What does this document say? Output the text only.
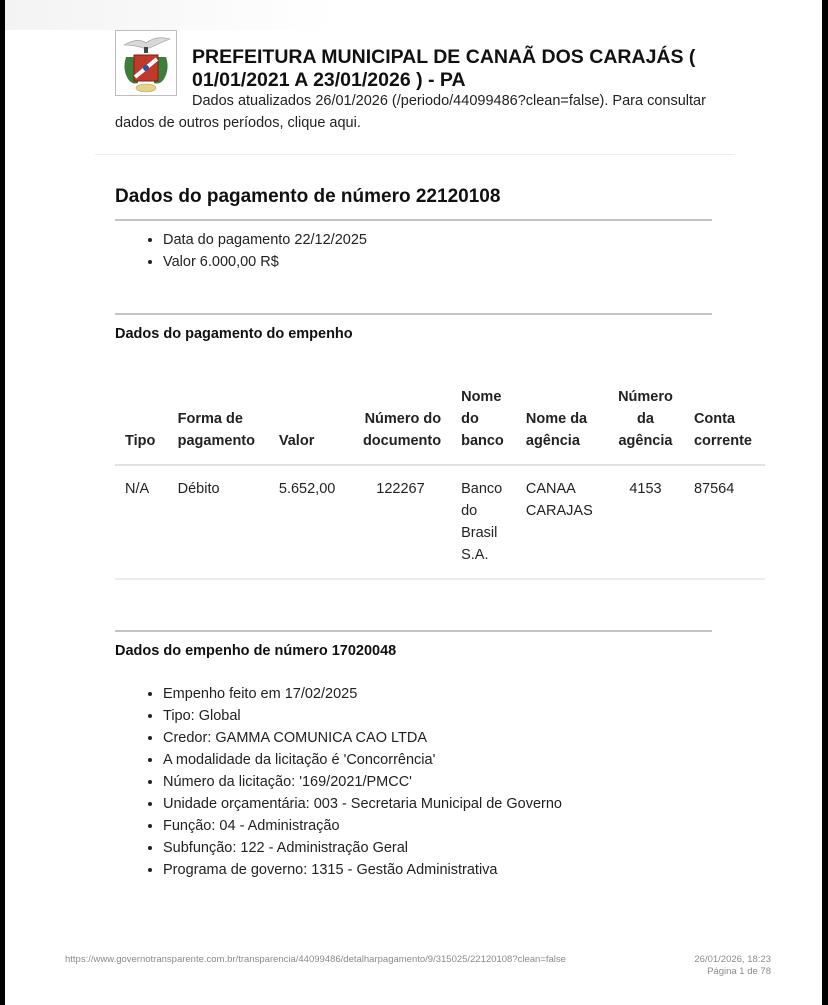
PREFEITURA MUNICIPAL DE CANAÃ DOS CARAJÁS ( 01/01/2021 A 23/01/2026 ) - PA
Dados atualizados 26/01/2026 (/periodo/44099486?clean=false). Para consultar dados de outros períodos, clique aqui.
Dados do pagamento de número 22120108
• Data do pagamento 22/12/2025
• Valor 6.000,00 R$
Dados do pagamento do empenho
Tipo	Forma de pagamento	Valor	Número do documento	Nome do banco	Nome da agência	Número da agência	Conta corrente
N/A	Débito	5.652,00	122267	Banco do Brasil S.A.	CANAA CARAJAS	4153	87564
Dados do empenho de número 17020048
• Empenho feito em 17/02/2025
• Tipo: Global
• Credor: GAMMA COMUNICA CAO LTDA
• A modalidade da licitação é 'Concorrência'
• Número da licitação: '169/2021/PMCC'
• Unidade orçamentária: 003 - Secretaria Municipal de Governo
• Função: 04 - Administração
• Subfunção: 122 - Administração Geral
• Programa de governo: 1315 - Gestão Administrativa
https://www.governotransparente.com.br/transparencia/44099486/detalharpagamento/9/315025/22120108?clean=false	26/01/2026, 18:23
Página 1 de 78
